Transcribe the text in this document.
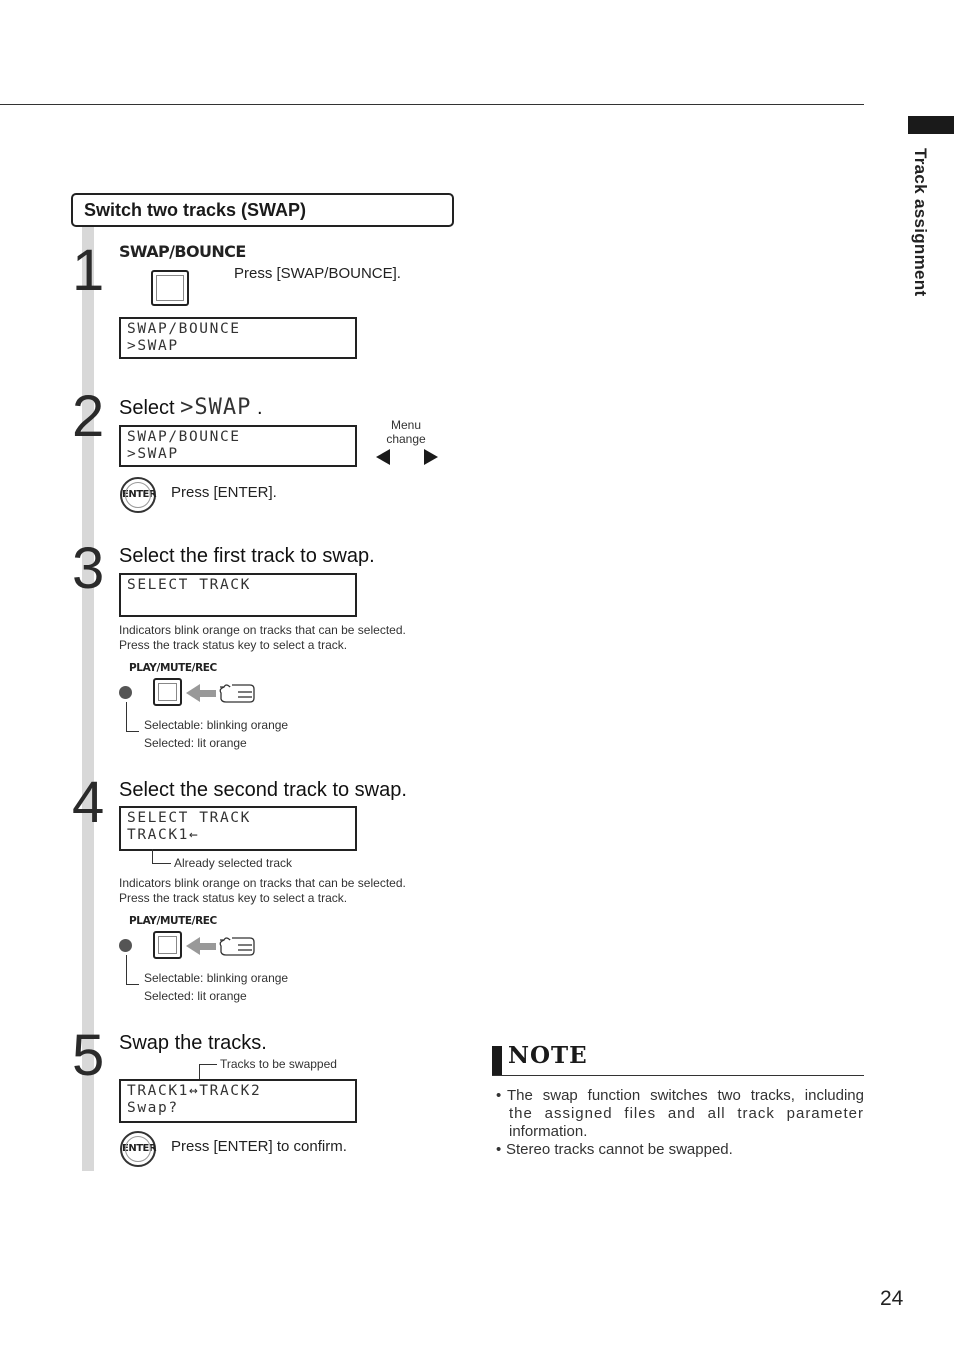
Track assignment
Switch two tracks (SWAP)
1 SWAP/BOUNCE
Press [SWAP/BOUNCE].
SWAP/BOUNCE
>SWAP
2 Select >SWAP .
SWAP/BOUNCE
>SWAP
Menu
change
ENTER Press [ENTER].
3 Select the first track to swap.
SELECT TRACK
Indicators blink orange on tracks that can be selected.
Press the track status key to select a track.
PLAY/MUTE/REC
Selectable: blinking orange
Selected: lit orange
4 Select the second track to swap.
SELECT TRACK
TRACK1←
Already selected track
Indicators blink orange on tracks that can be selected.
Press the track status key to select a track.
PLAY/MUTE/REC
Selectable: blinking orange
Selected: lit orange
5 Swap the tracks.
Tracks to be swapped
TRACK1↔TRACK2
Swap?
ENTER Press [ENTER] to confirm.
NOTE
• The swap function switches two tracks, including
the assigned files and all track parameter
information.
• Stereo tracks cannot be swapped.
24
